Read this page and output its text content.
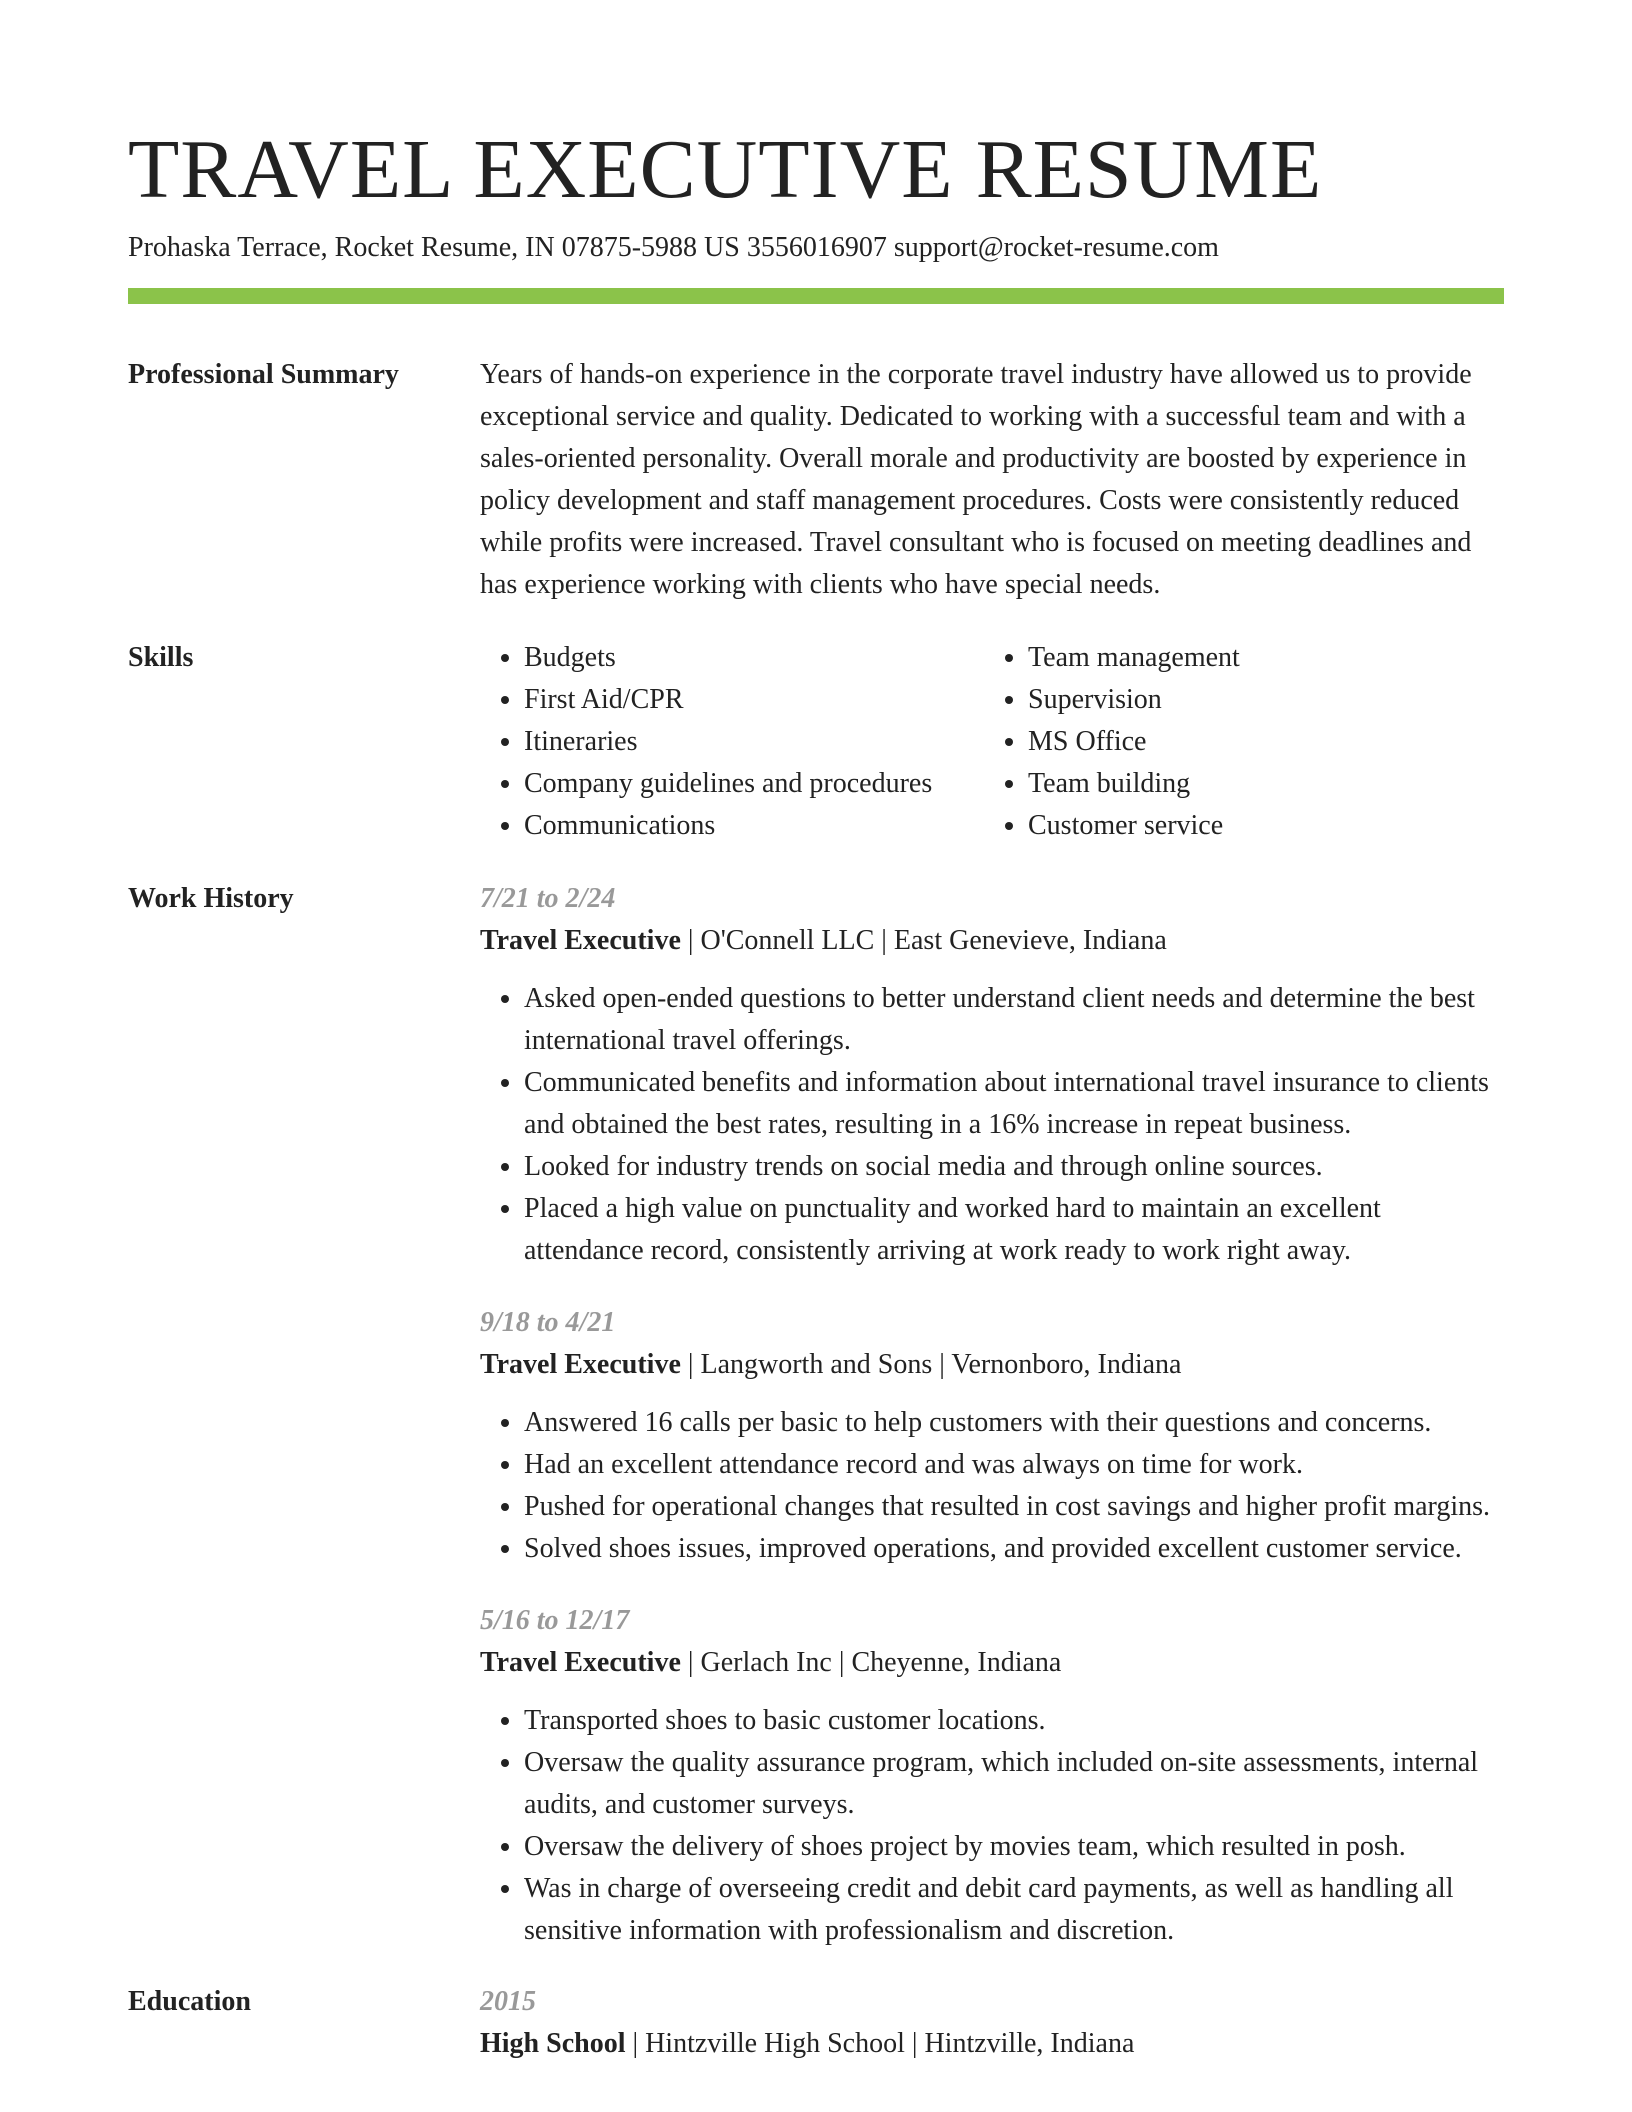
TRAVEL EXECUTIVE RESUME
Prohaska Terrace, Rocket Resume, IN 07875-5988 US 3556016907 support@rocket-resume.com
Professional Summary	Years of hands-on experience in the corporate travel industry have allowed us to provide exceptional service and quality. Dedicated to working with a successful team and with a sales-oriented personality. Overall morale and productivity are boosted by experience in policy development and staff management procedures. Costs were consistently reduced while profits were increased. Travel consultant who is focused on meeting deadlines and has experience working with clients who have special needs.

Skills
•	Budgets
• First Aid/CPR
• Itineraries
• Company guidelines and procedures
• Communications
• Team management
• Supervision
• MS Office
• Team building
• Customer service
Work History	7/21 to 2/24
Travel Executive | O'Connell LLC | East Genevieve, Indiana
• Asked open-ended questions to better understand client needs and determine the best international travel offerings.
• Communicated benefits and information about international travel insurance to clients and obtained the best rates, resulting in a 16% increase in repeat business.
• Looked for industry trends on social media and through online sources.
• Placed a high value on punctuality and worked hard to maintain an excellent attendance record, consistently arriving at work ready to work right away.
9/18 to 4/21
Travel Executive | Langworth and Sons | Vernonboro, Indiana
• Answered 16 calls per basic to help customers with their questions and concerns.
• Had an excellent attendance record and was always on time for work.
• Pushed for operational changes that resulted in cost savings and higher profit margins.
• Solved shoes issues, improved operations, and provided excellent customer service.
5/16 to 12/17
Travel Executive | Gerlach Inc | Cheyenne, Indiana
• Transported shoes to basic customer locations.
• Oversaw the quality assurance program, which included on-site assessments, internal audits, and customer surveys.
• Oversaw the delivery of shoes project by movies team, which resulted in posh.
• Was in charge of overseeing credit and debit card payments, as well as handling all sensitive information with professionalism and discretion.
Education	2015
High School | Hintzville High School | Hintzville, Indiana
